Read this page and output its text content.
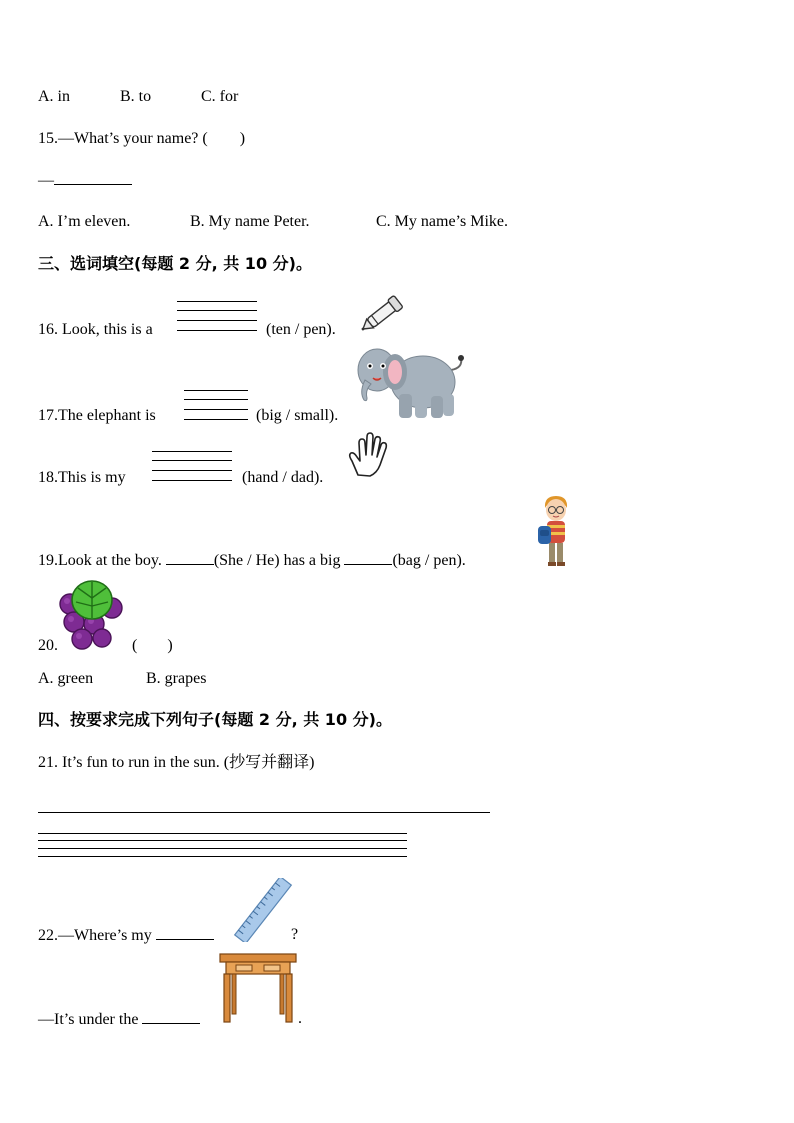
A. in	B. to	C. for
15.—What’s your name? ( )
—
A. I’m eleven.	B. My name Peter.	C. My name’s Mike.
三、选词填空(每题 2 分, 共 10 分)。
16. Look, this is a	(ten / pen).
17.The elephant is	(big / small).
18.This is my	(hand / dad).
19.Look at the boy.	(She / He) has a big	(bag / pen).
20.	( )
A. green	B. grapes
四、按要求完成下列句子(每题 2 分, 共 10 分)。
21. It’s fun to run in the sun. (抄写并翻译)
22.—Where’s my	?
—It’s under the	.
